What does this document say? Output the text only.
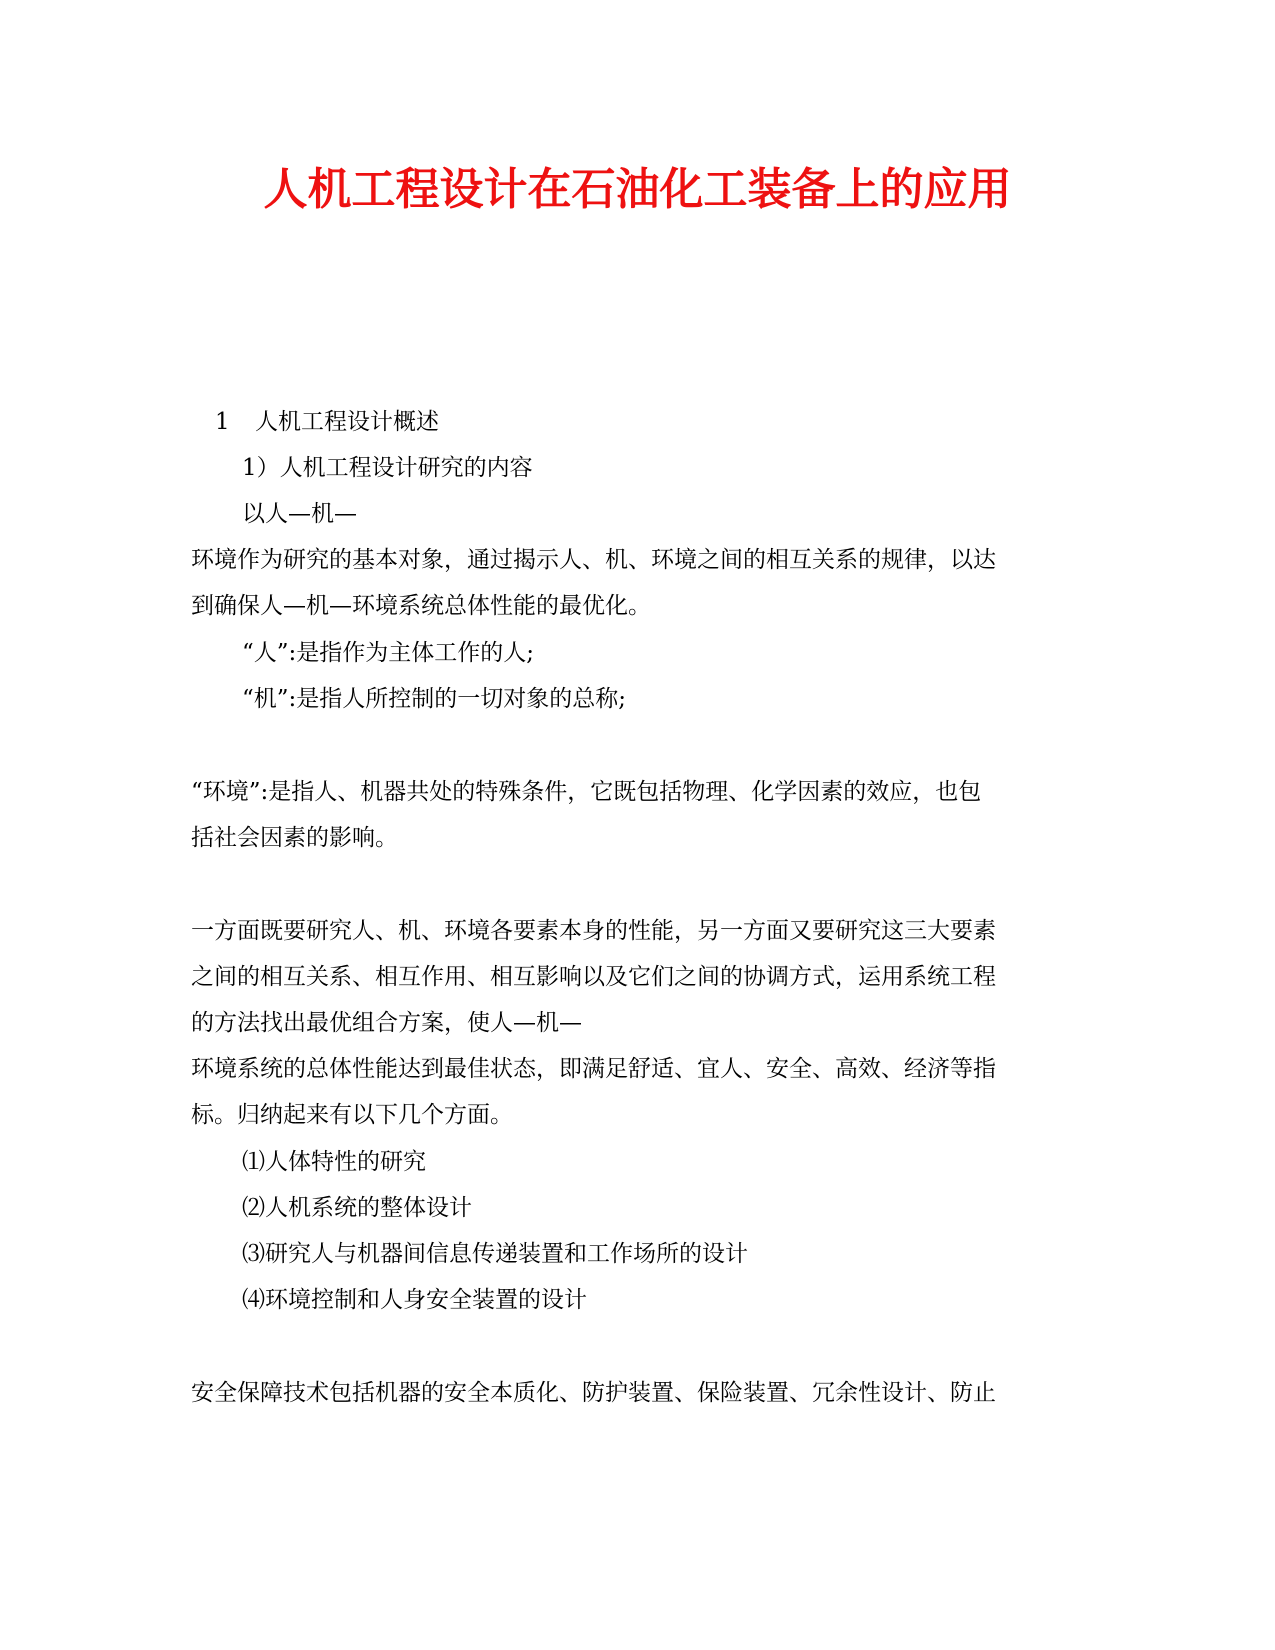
人机工程设计在石油化工装备上的应用

1 人机工程设计概述

1）人机工程设计研究的内容

以人—机—

环境作为研究的基本对象，通过揭示人、机、环境之间的相互关系的规律，以达

到确保人—机—环境系统总体性能的最优化。

“人”:是指作为主体工作的人;

“机”:是指人所控制的一切对象的总称;

“环境”:是指人、机器共处的特殊条件，它既包括物理、化学因素的效应，也包

括社会因素的影响。

一方面既要研究人、机、环境各要素本身的性能，另一方面又要研究这三大要素

之间的相互关系、相互作用、相互影响以及它们之间的协调方式，运用系统工程

的方法找出最优组合方案，使人—机—

环境系统的总体性能达到最佳状态，即满足舒适、宜人、安全、高效、经济等指

标。归纳起来有以下几个方面。

⑴人体特性的研究

⑵人机系统的整体设计

⑶研究人与机器间信息传递装置和工作场所的设计

⑷环境控制和人身安全装置的设计

安全保障技术包括机器的安全本质化、防护装置、保险装置、冗余性设计、防止
